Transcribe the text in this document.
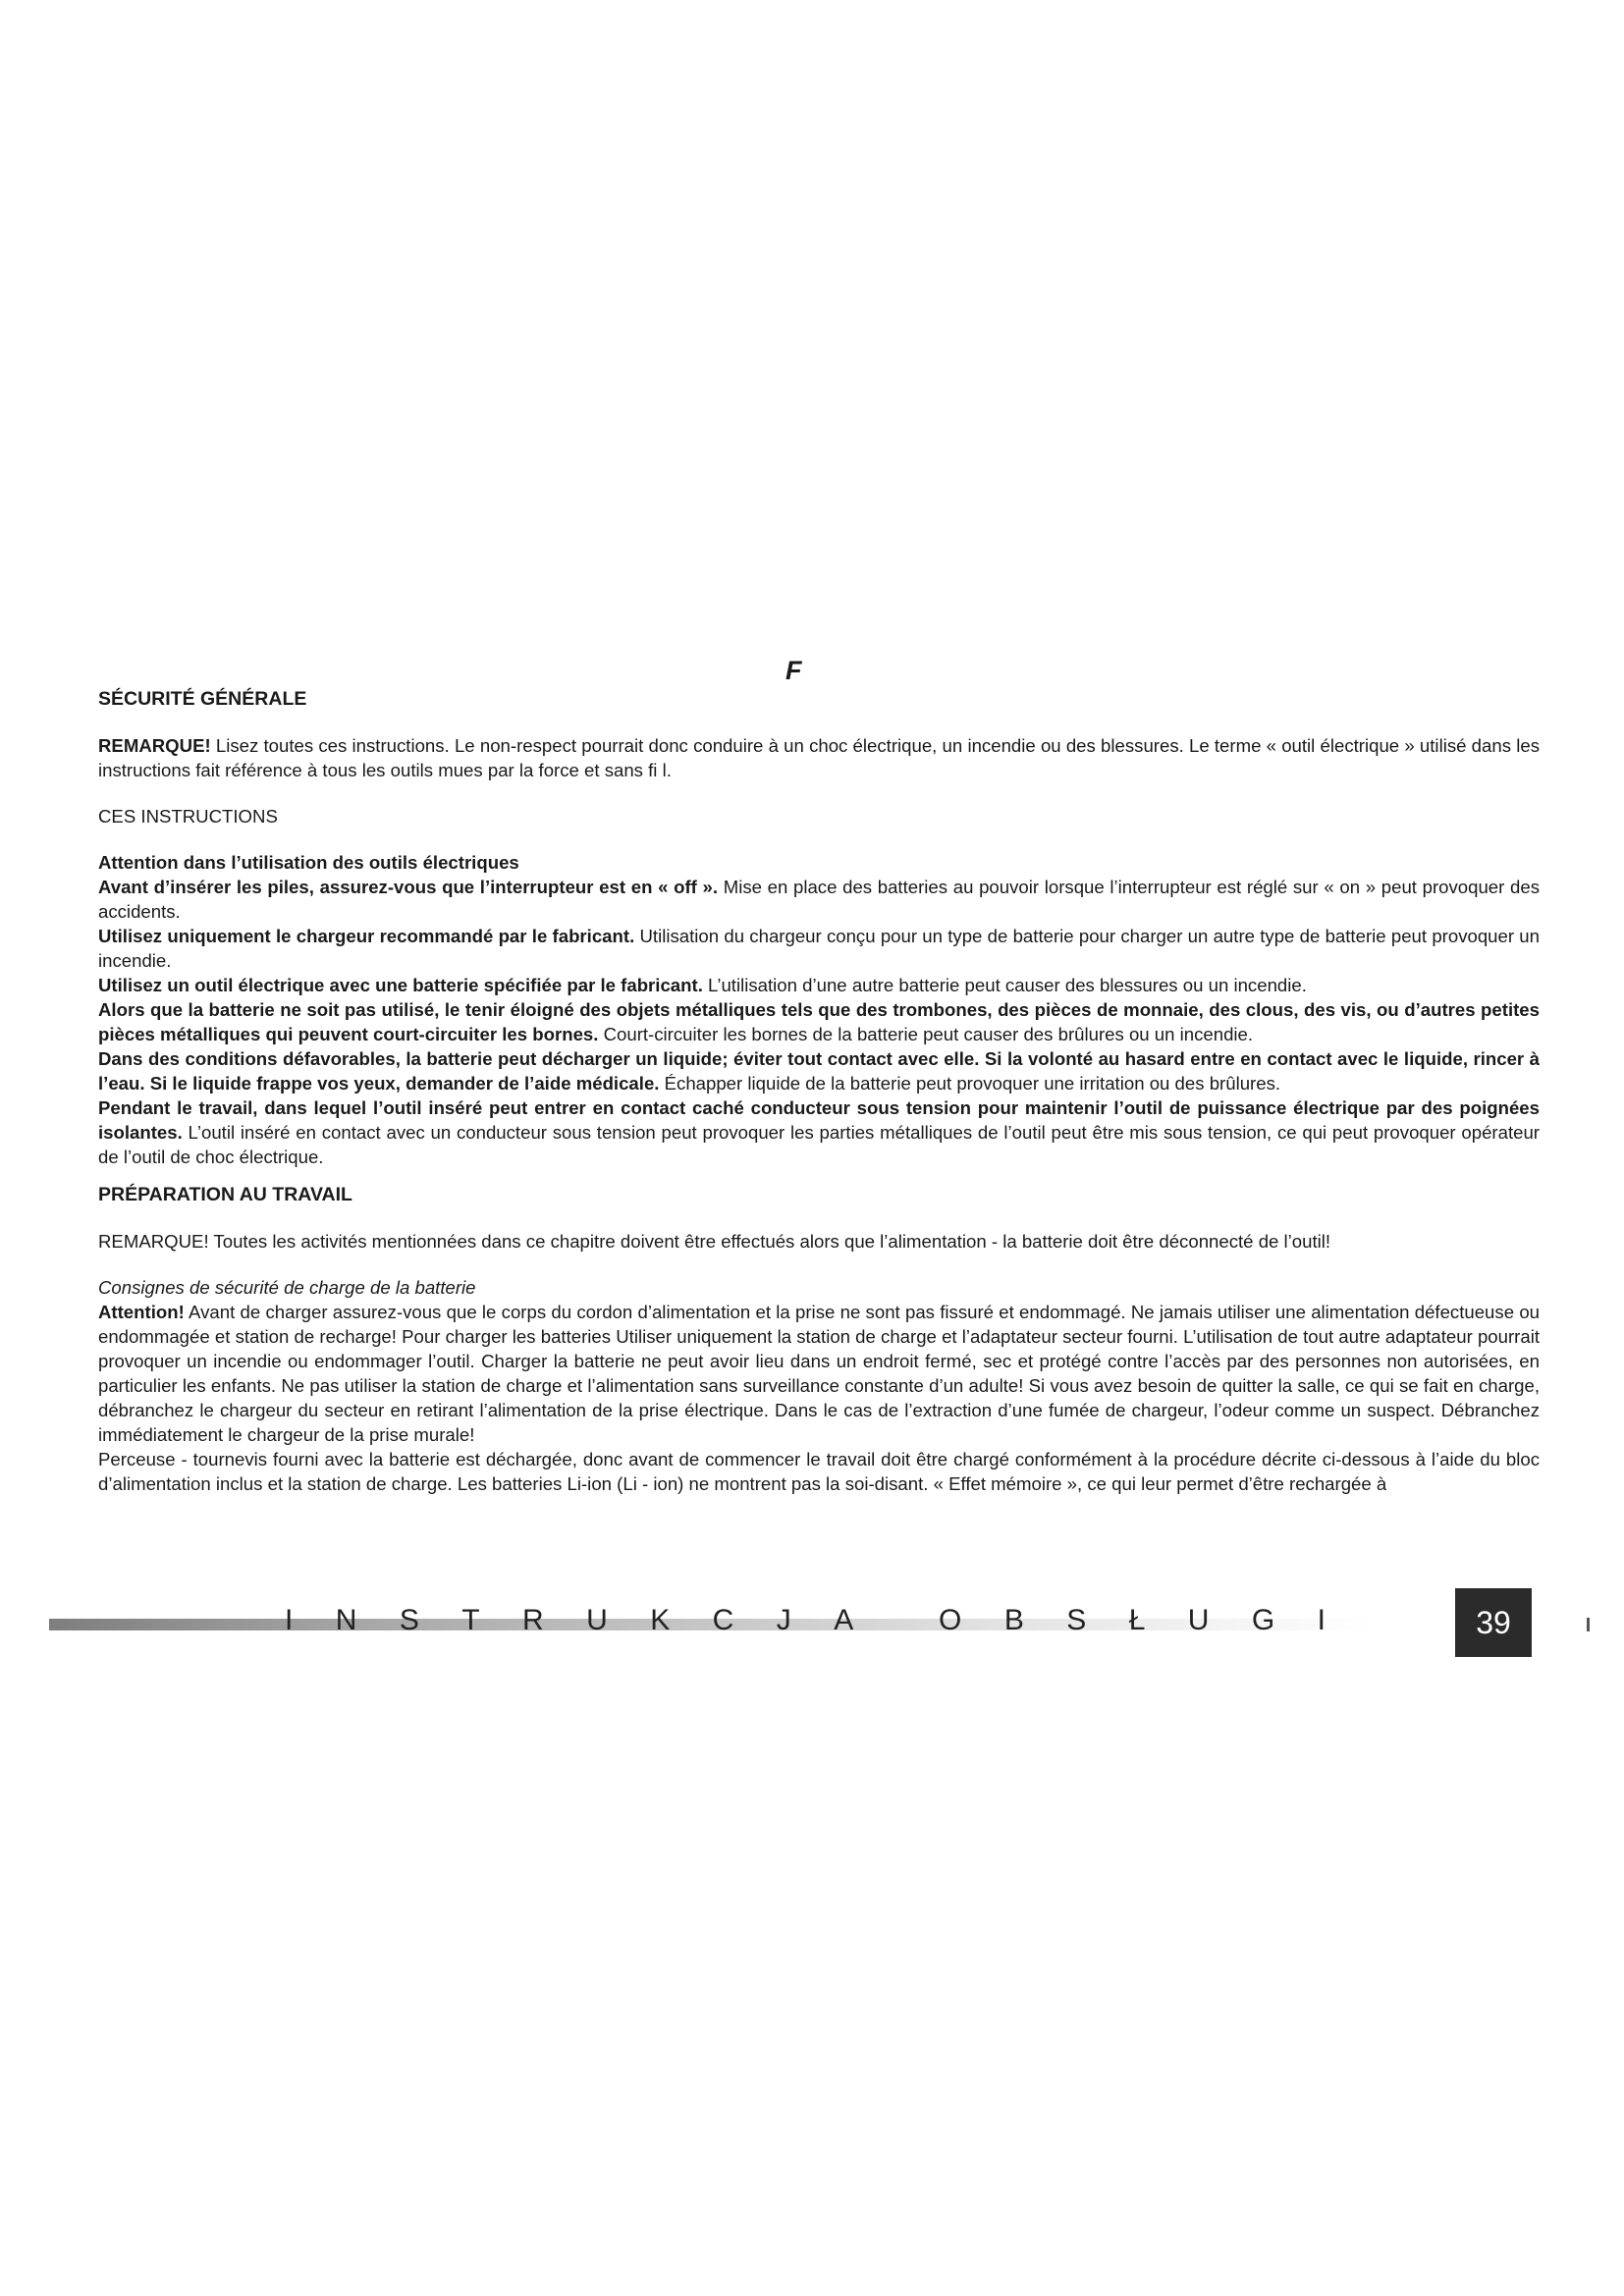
F

SÉCURITÉ GÉNÉRALE

REMARQUE! Lisez toutes ces instructions. Le non-respect pourrait donc conduire à un choc électrique, un incendie ou des blessures. Le terme « outil électrique » utilisé dans les instructions fait référence à tous les outils mues par la force et sans fi l.

CES INSTRUCTIONS

Attention dans l’utilisation des outils électriques

Avant d’insérer les piles, assurez-vous que l’interrupteur est en « off ». Mise en place des batteries au pouvoir lorsque l’interrupteur est réglé sur « on » peut provoquer des accidents.

Utilisez uniquement le chargeur recommandé par le fabricant. Utilisation du chargeur conçu pour un type de batterie pour charger un autre type de batterie peut provoquer un incendie.

Utilisez un outil électrique avec une batterie spécifiée par le fabricant. L’utilisation d’une autre batterie peut causer des blessures ou un incendie.

Alors que la batterie ne soit pas utilisé, le tenir éloigné des objets métalliques tels que des trombones, des pièces de monnaie, des clous, des vis, ou d’autres petites pièces métalliques qui peuvent court-circuiter les bornes. Court-circuiter les bornes de la batterie peut causer des brûlures ou un incendie.

Dans des conditions défavorables, la batterie peut décharger un liquide; éviter tout contact avec elle. Si la volonté au hasard entre en contact avec le liquide, rincer à l’eau. Si le liquide frappe vos yeux, demander de l’aide médicale. Échapper liquide de la batterie peut provoquer une irritation ou des brûlures.

Pendant le travail, dans lequel l’outil inséré peut entrer en contact caché conducteur sous tension pour maintenir l’outil de puissance électrique par des poignées isolantes. L’outil inséré en contact avec un conducteur sous tension peut provoquer les parties métalliques de l’outil peut être mis sous tension, ce qui peut provoquer opérateur de l’outil de choc électrique.

PRÉPARATION AU TRAVAIL

REMARQUE! Toutes les activités mentionnées dans ce chapitre doivent être effectués alors que l’alimentation - la batterie doit être déconnecté de l’outil!

Consignes de sécurité de charge de la batterie

Attention! Avant de charger assurez-vous que le corps du cordon d’alimentation et la prise ne sont pas fissuré et endommagé. Ne jamais utiliser une alimentation défectueuse ou endommagée et station de recharge! Pour charger les batteries Utiliser uniquement la station de charge et l’adaptateur secteur fourni. L’utilisation de tout autre adaptateur pourrait provoquer un incendie ou endommager l’outil. Charger la batterie ne peut avoir lieu dans un endroit fermé, sec et protégé contre l’accès par des personnes non autorisées, en particulier les enfants. Ne pas utiliser la station de charge et l’alimentation sans surveillance constante d’un adulte! Si vous avez besoin de quitter la salle, ce qui se fait en charge, débranchez le chargeur du secteur en retirant l’alimentation de la prise électrique. Dans le cas de l’extraction d’une fumée de chargeur, l’odeur comme un suspect. Débranchez immédiatement le chargeur de la prise murale!

Perceuse - tournevis fourni avec la batterie est déchargée, donc avant de commencer le travail doit être chargé conformément à la procédure décrite ci-dessous à l’aide du bloc d’alimentation inclus et la station de charge. Les batteries Li-ion (Li - ion) ne montrent pas la soi-disant. « Effet mémoire », ce qui leur permet d’être rechargée à

I N S T R U K C J A	O B S Ł U G I	39
